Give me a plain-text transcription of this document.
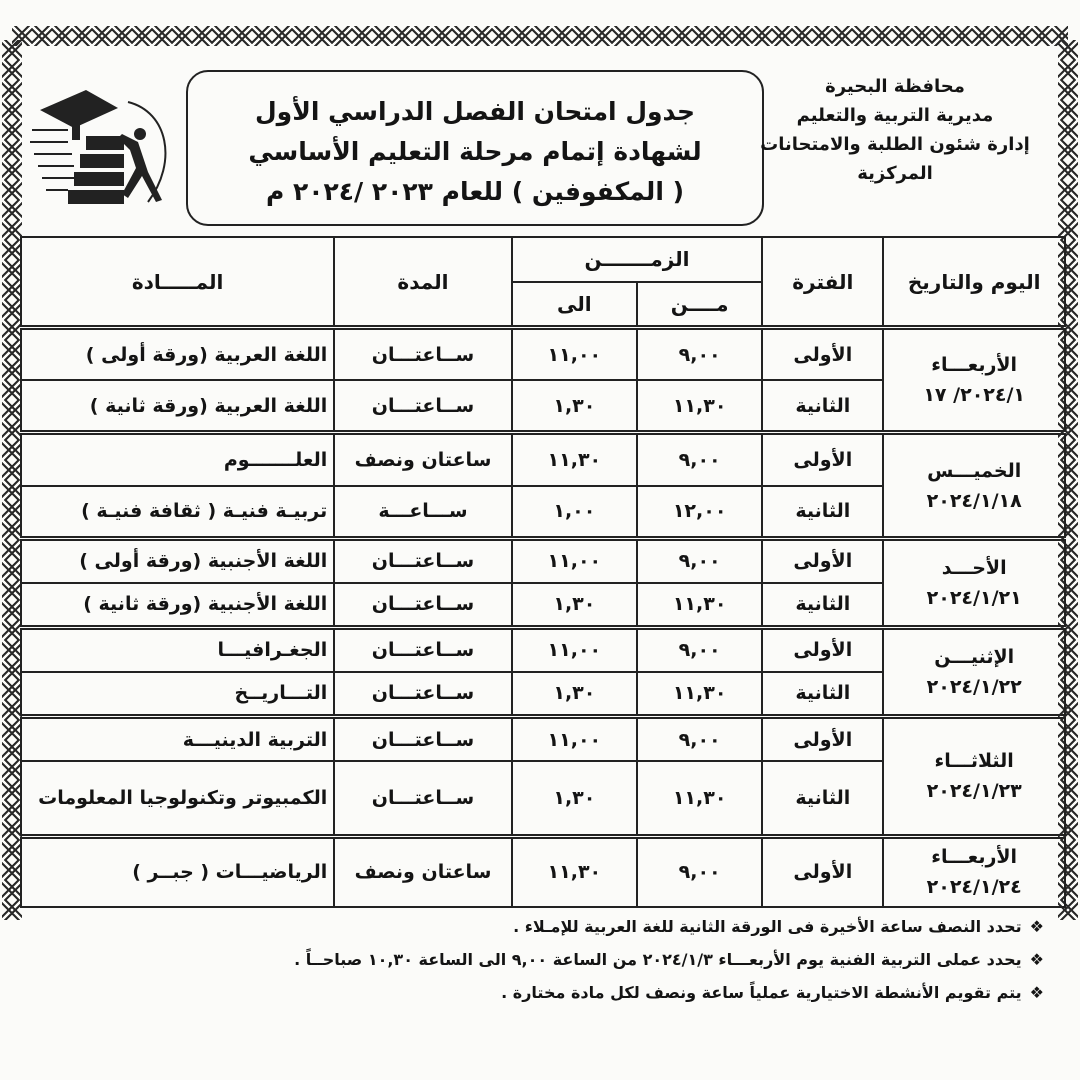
جدول امتحان الفصل الدراسي الأول
لشهادة إتمام مرحلة التعليم الأساسي
( المكفوفين ) للعام ٢٠٢٣ /٢٠٢٤ م
محافظة البحيرة
مديرية التربية والتعليم
إدارة شئون الطلبة والامتحانات
المركزية
اليوم والتاريخ	الفترة	الزمـــــــن		المدة	المـــــادة
		مــــن	الى		

الأربعـــاء
٢٠٢٤/١/ ١٧	الأولى	٩,٠٠	١١,٠٠	ســاعتـــان	اللغة العربية (ورقة أولى )
	الثانية	١١,٣٠	١,٣٠	ســاعتـــان	اللغة العربية (ورقة ثانية )

الخميـــس
٢٠٢٤/١/١٨	الأولى	٩,٠٠	١١,٣٠	ساعتان ونصف	العلـــــــوم
	الثانية	١٢,٠٠	١,٠٠	ســـاعـــة	تربيـة فنيـة ( ثقافة فنيـة )

الأحـــد
٢٠٢٤/١/٢١	الأولى	٩,٠٠	١١,٠٠	ســاعتـــان	اللغة الأجنبية (ورقة أولى )
	الثانية	١١,٣٠	١,٣٠	ســاعتـــان	اللغة الأجنبية (ورقة ثانية )

الإثنيـــن
٢٠٢٤/١/٢٢	الأولى	٩,٠٠	١١,٠٠	ســاعتـــان	الجغـرافيـــا
	الثانية	١١,٣٠	١,٣٠	ســاعتـــان	التـــاريــخ

الثلاثـــاء
٢٠٢٤/١/٢٣	الأولى	٩,٠٠	١١,٠٠	ســاعتـــان	التربية الدينيـــة
	الثانية	١١,٣٠	١,٣٠	ســاعتـــان	الكمبيوتر وتكنولوجيا المعلومات

الأربعـــاء
٢٠٢٤/١/٢٤	الأولى	٩,٠٠	١١,٣٠	ساعتان ونصف	الرياضيـــات ( جبــر )
❖تحدد النصف ساعة الأخيرة فى الورقة الثانية للغة العربية للإمـلاء .
❖يحدد عملى التربية الفنية يوم الأربعـــاء ٢٠٢٤/١/٣ من الساعة ٩,٠٠ الى الساعة ١٠,٣٠ صباحــاً .
❖يتم تقويم الأنشطة الاختيارية عملياً ساعة ونصف لكل مادة مختارة .
